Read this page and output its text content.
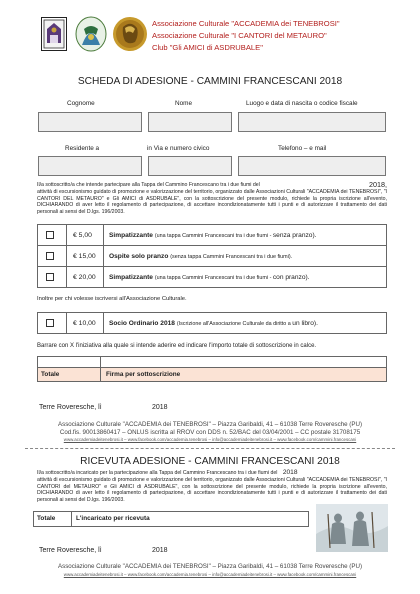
Associazione Culturale "ACCADEMIA dei TENEBROSI"
Associazione Culturale "I CANTORI del METAURO"
Club "Gli AMICI di ASDRUBALE"
SCHEDA DI ADESIONE - CAMMINI FRANCESCANI 2018
Cognome	Nome	Luogo e data di nascita o codice fiscale
Residente a	in Via e numero civico	Telefono – e mail
Il/a sottoscritto/a che intende partecipare alla Tappa del Cammino Francescano tra i due fiumi del	2018,
attività di escursionismo guidato di promozione e valorizzazione del territorio, organizzato dalle Associazioni Culturali "ACCADEMIA dei TENEBROSI", "I CANTORI DEL METAURO" e Gli AMICI di ASDRUBALE", con la sottoscrizione del presente modulo, richiede la propria iscrizione all'evento, DICHIARANDO di aver letto il regolamento di partecipazione, di accettare incondizionatamente tutti i punti e di autorizzare il trattamento dei dati personali ai sensi del D.lgs. 196/2003.
€ 5,00	Simpatizzante (una tappa Cammini Francescani tra i due fiumi - senza pranzo).
€ 15,00 Ospite solo pranzo (senza tappa Cammini Francescani tra i due fiumi).
€ 20,00 Simpatizzante (una tappa Cammini Francescani tra i due fiumi - con pranzo).
Inoltre per chi volesse iscriversi all'Associazione Culturale.
€ 10,00 Socio Ordinario 2018 (Iscrizione all'Associazione Culturale da diritto a un libro).
Barrare con X l'iniziativa alla quale si intende aderire ed indicare l'importo totale di sottoscrizione in calce.
Totale	Firma per sottoscrizione
Terre Roveresche, lì	2018
Associazione Culturale "ACCADEMIA dei TENEBROSI" – Piazza Garibaldi, 41 – 61038 Terre Roveresche (PU)
Cod.fis. 90013860417 – ONLUS iscritta al RROV con DDS n. 52/BAC del 03/04/2001 – CC postale 31708175
www.accademiadeitenebrosi.it – www.facebook.com/accademia.tenebrosi – info@accademiadeitenebrosi.it – www.facebook.com/cammini.francescani
RICEVUTA ADESIONE - CAMMINI FRANCESCANI 2018
Il/a sottoscritto/a incaricato per la partecipazione alla Tappa del Cammino Francescano tra i due fiumi del 2018
attività di escursionismo guidato di promozione e valorizzazione del territorio, organizzato dalle Associazioni Culturali "ACCADEMIA dei TENEBROSI", "I CANTORI del METAURO" e Gli AMICI di ASDRUBALE", con la sottoscrizione del presente modulo, richiede la propria iscrizione all'evento, DICHIARANDO di aver letto il regolamento di partecipazione, di accettare incondizionatamente tutti i punti e di autorizzare il trattamento dei dati personali ai sensi del D.lgs. 196/2003.
Totale	L'incaricato per ricevuta
Terre Roveresche, lì	2018
Associazione Culturale "ACCADEMIA dei TENEBROSI" – Piazza Garibaldi, 41 – 61038 Terre Roveresche (PU)
www.accademiadeitenebrosi.it – www.facebook.com/accademia.tenebrosi – info@accademiadeitenebrosi.it – www.facebook.com/cammini.francescani
